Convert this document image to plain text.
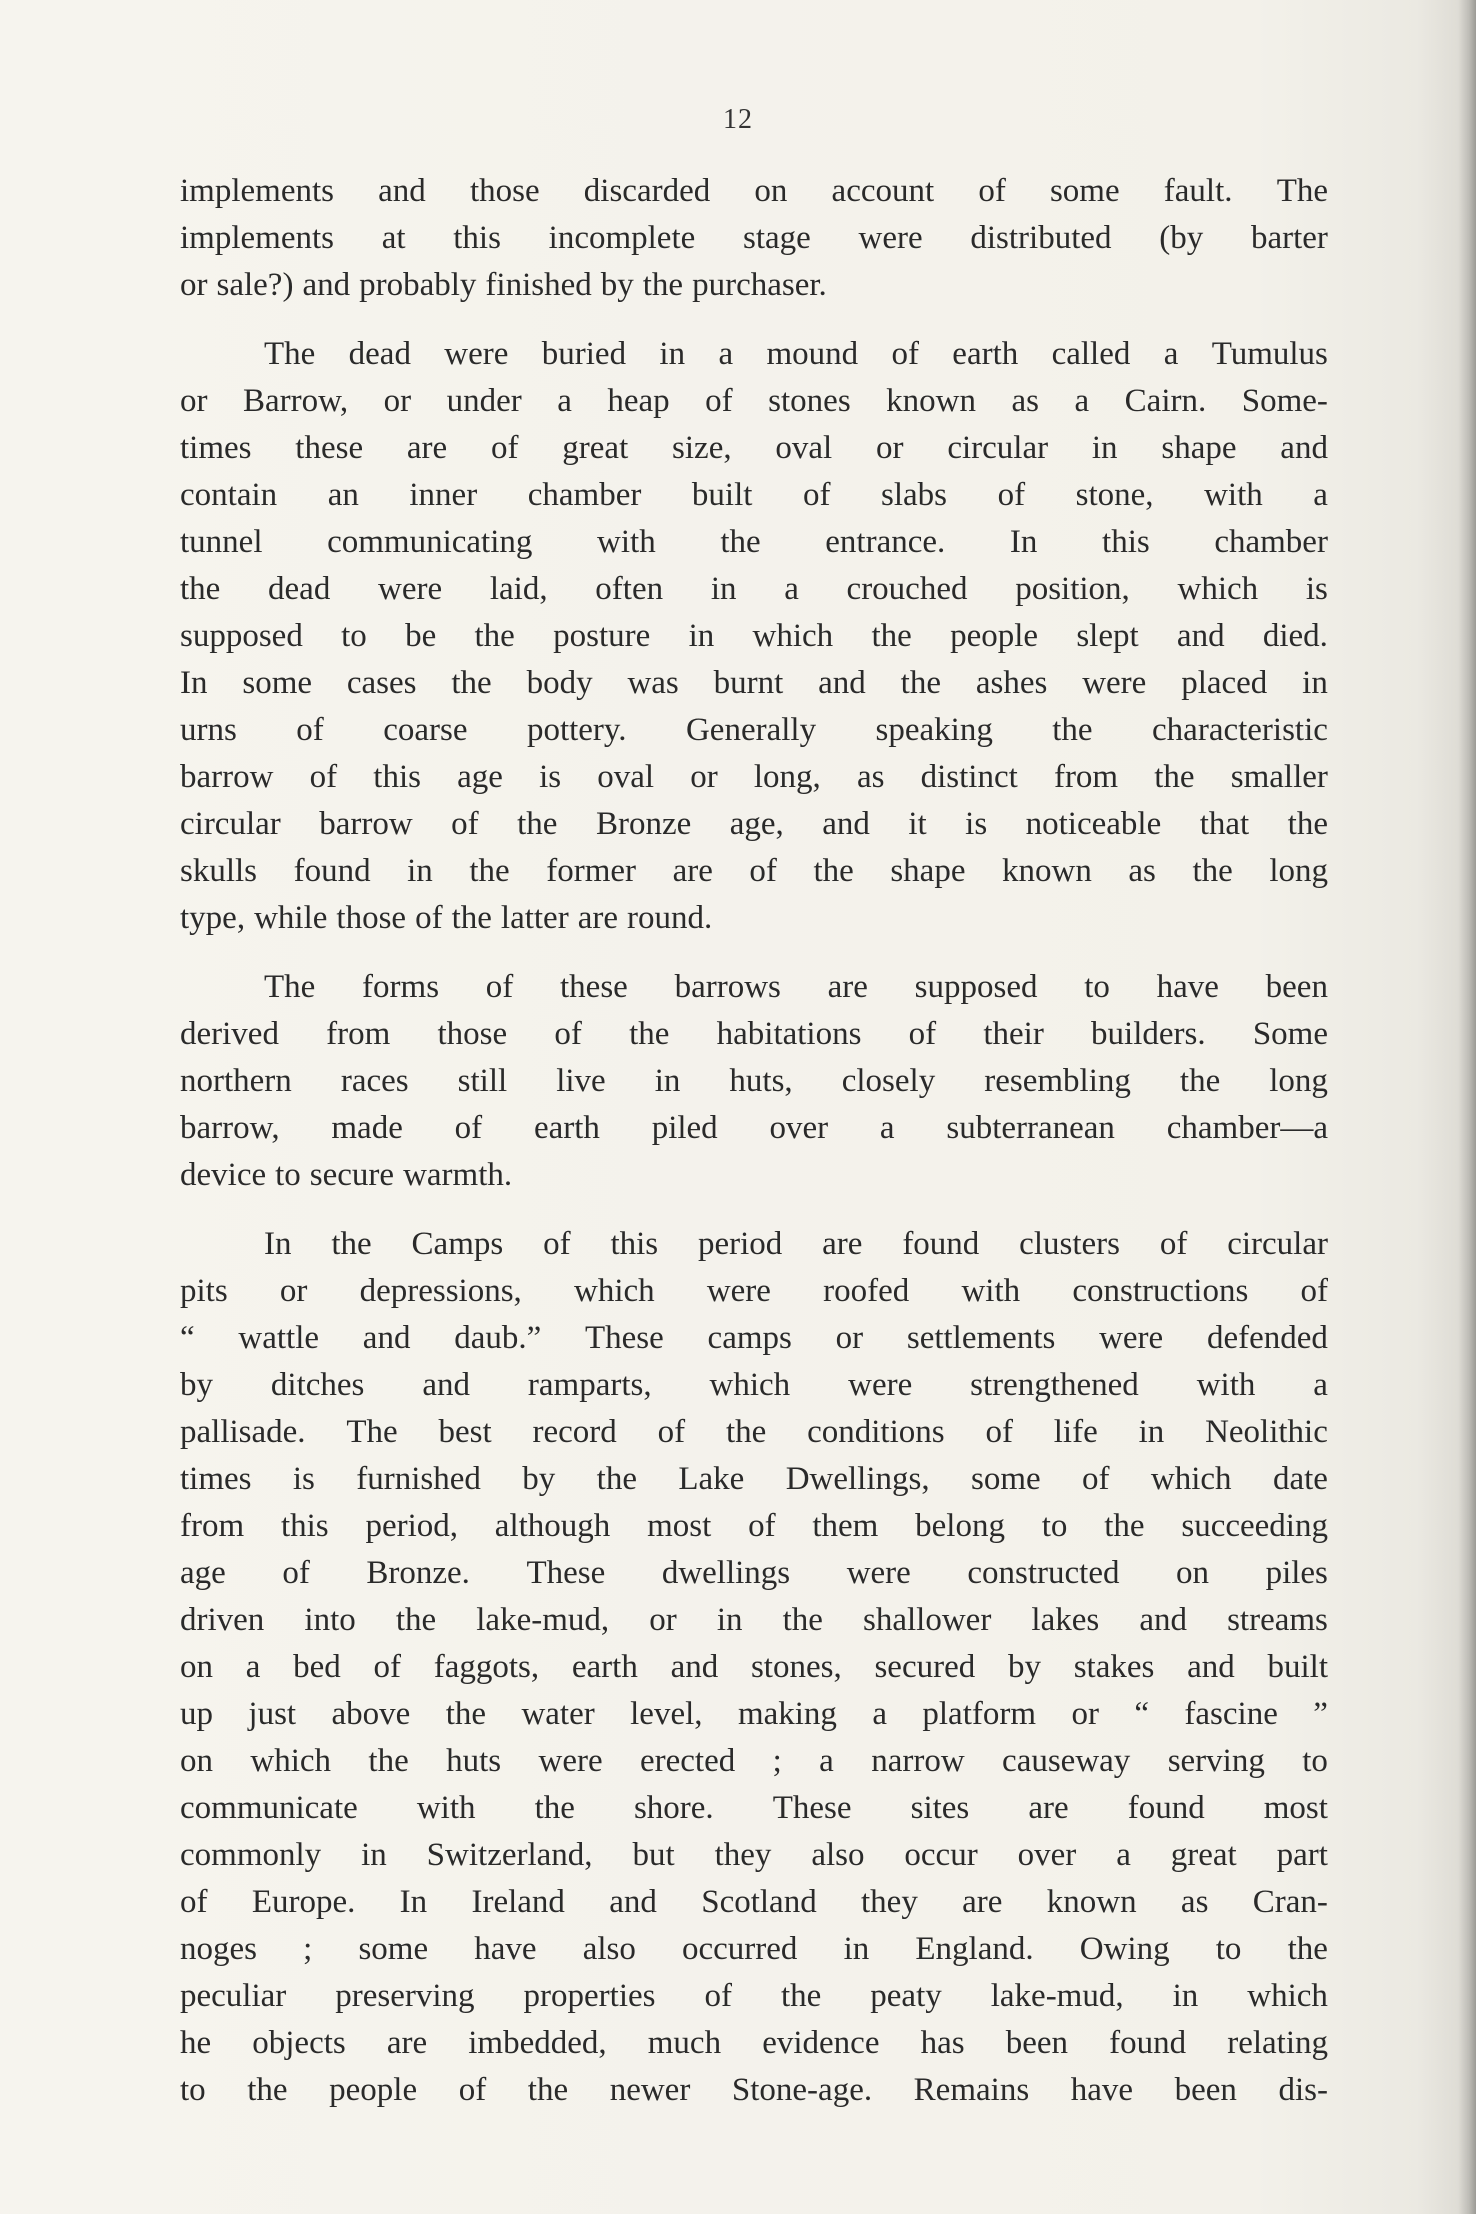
12
implements and those discarded on account of some fault. The
implements at this incomplete stage were distributed (by barter
or sale?) and probably finished by the purchaser.
The dead were buried in a mound of earth called a Tumulus
or Barrow, or under a heap of stones known as a Cairn. Some-
times these are of great size, oval or circular in shape and
contain an inner chamber built of slabs of stone, with a
tunnel communicating with the entrance. In this chamber
the dead were laid, often in a crouched position, which is
supposed to be the posture in which the people slept and died.
In some cases the body was burnt and the ashes were placed in
urns of coarse pottery. Generally speaking the characteristic
barrow of this age is oval or long, as distinct from the smaller
circular barrow of the Bronze age, and it is noticeable that the
skulls found in the former are of the shape known as the long
type, while those of the latter are round.
The forms of these barrows are supposed to have been
derived from those of the habitations of their builders. Some
northern races still live in huts, closely resembling the long
barrow, made of earth piled over a subterranean chamber—a
device to secure warmth.
In the Camps of this period are found clusters of circular
pits or depressions, which were roofed with constructions of
“ wattle and daub.” These camps or settlements were defended
by ditches and ramparts, which were strengthened with a
pallisade. The best record of the conditions of life in Neolithic
times is furnished by the Lake Dwellings, some of which date
from this period, although most of them belong to the succeeding
age of Bronze. These dwellings were constructed on piles
driven into the lake-mud, or in the shallower lakes and streams
on a bed of faggots, earth and stones, secured by stakes and built
up just above the water level, making a platform or “ fascine ”
on which the huts were erected ; a narrow causeway serving to
communicate with the shore. These sites are found most
commonly in Switzerland, but they also occur over a great part
of Europe. In Ireland and Scotland they are known as Cran-
noges ; some have also occurred in England. Owing to the
peculiar preserving properties of the peaty lake-mud, in which
he objects are imbedded, much evidence has been found relating
to the people of the newer Stone-age. Remains have been dis-
